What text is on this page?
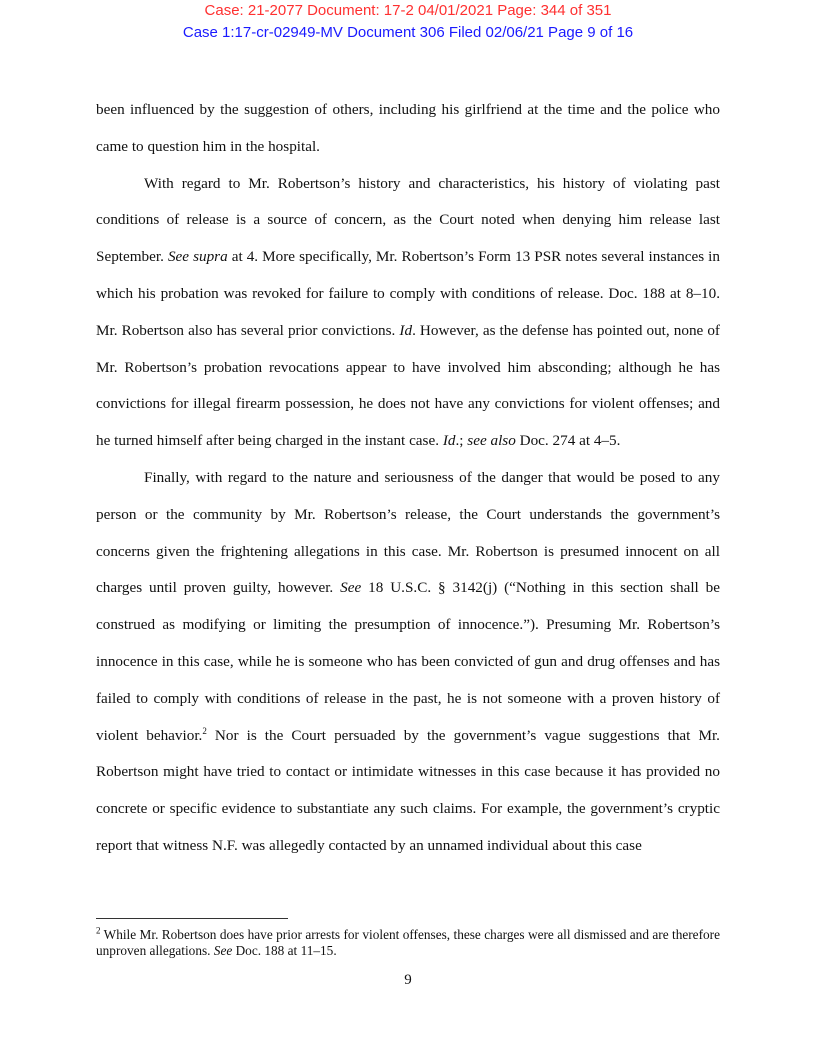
Case: 21-2077 Document: 17-2 04/01/2021 Page: 344 of 351
Case 1:17-cr-02949-MV Document 306 Filed 02/06/21 Page 9 of 16

been influenced by the suggestion of others, including his girlfriend at the time and the police who came to question him in the hospital.

With regard to Mr. Robertson’s history and characteristics, his history of violating past conditions of release is a source of concern, as the Court noted when denying him release last September. See supra at 4. More specifically, Mr. Robertson’s Form 13 PSR notes several instances in which his probation was revoked for failure to comply with conditions of release. Doc. 188 at 8–10. Mr. Robertson also has several prior convictions. Id. However, as the defense has pointed out, none of Mr. Robertson’s probation revocations appear to have involved him absconding; although he has convictions for illegal firearm possession, he does not have any convictions for violent offenses; and he turned himself after being charged in the instant case. Id.; see also Doc. 274 at 4–5.

Finally, with regard to the nature and seriousness of the danger that would be posed to any person or the community by Mr. Robertson’s release, the Court understands the government’s concerns given the frightening allegations in this case. Mr. Robertson is presumed innocent on all charges until proven guilty, however. See 18 U.S.C. § 3142(j) (“Nothing in this section shall be construed as modifying or limiting the presumption of innocence.”). Presuming Mr. Robertson’s innocence in this case, while he is someone who has been convicted of gun and drug offenses and has failed to comply with conditions of release in the past, he is not someone with a proven history of violent behavior.$^2$ Nor is the Court persuaded by the government’s vague suggestions that Mr. Robertson might have tried to contact or intimidate witnesses in this case because it has provided no concrete or specific evidence to substantiate any such claims. For example, the government’s cryptic report that witness N.F. was allegedly contacted by an unnamed individual about this case

$^2$ While Mr. Robertson does have prior arrests for violent offenses, these charges were all dismissed and are therefore unproven allegations. See Doc. 188 at 11–15.
9
